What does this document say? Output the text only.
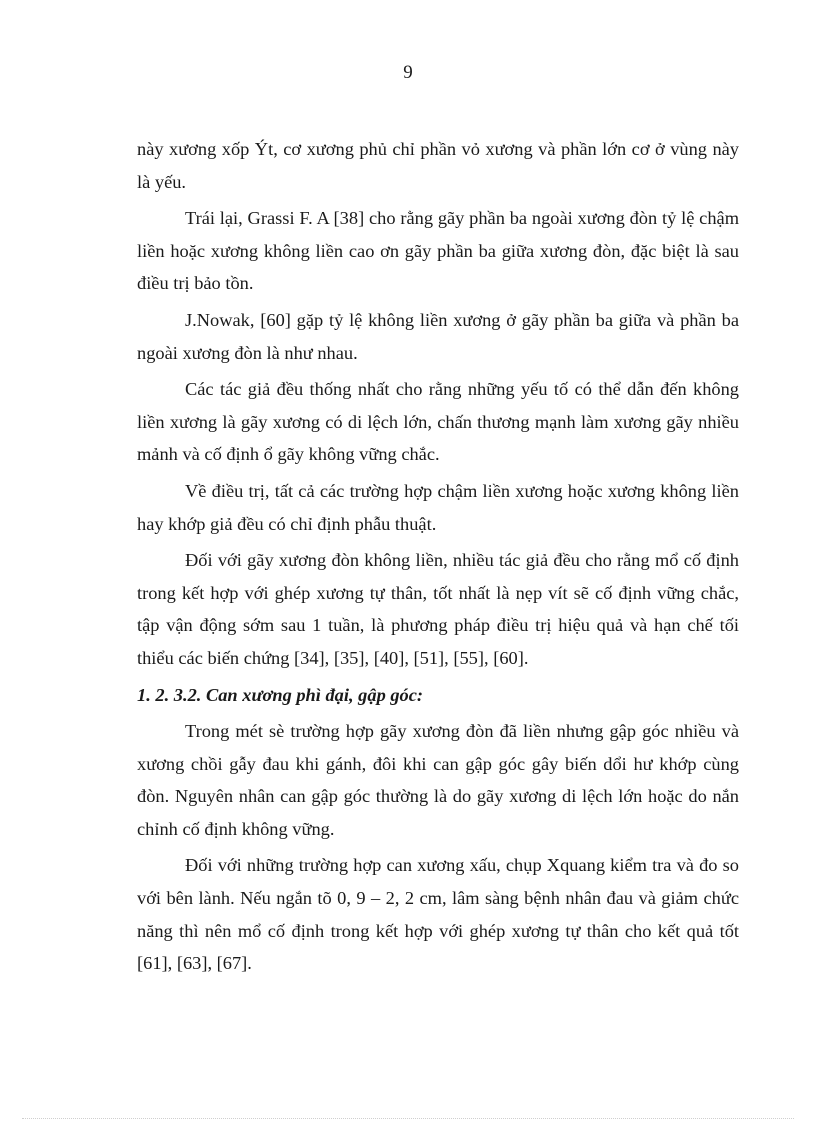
9

này xương xốp Ýt, cơ xương phủ chỉ phần vỏ xương và phần lớn cơ ở vùng này là yếu.

Trái lại, Grassi F. A [38] cho rằng gãy phần ba ngoài xương đòn tỷ lệ chậm liền hoặc xương không liền cao ơn gãy phần ba giữa xương đòn, đặc biệt là sau điều trị bảo tồn.

J.Nowak, [60] gặp tỷ lệ không liền xương ở gãy phần ba giữa và phần ba ngoài xương đòn là như nhau.

Các tác giả đều thống nhất cho rằng những yếu tố có thể dẫn đến không liền xương là gãy xương có di lệch lớn, chấn thương mạnh làm xương gãy nhiều mảnh và cố định ổ gãy không vững chắc.

Về điều trị, tất cả các trường hợp chậm liền xương hoặc xương không liền hay khớp giả đều có chỉ định phẫu thuật.

Đối với gãy xương đòn không liền, nhiều tác giả đều cho rằng mổ cố định trong kết hợp với ghép xương tự thân, tốt nhất là nẹp vít sẽ cố định vững chắc, tập vận động sớm sau 1 tuần, là phương pháp điều trị hiệu quả và hạn chế tối thiểu các biến chứng [34], [35], [40], [51], [55], [60].

1. 2. 3.2. Can xương phì đại, gập góc:

Trong mét sè trường hợp gãy xương đòn đã liền nhưng gập góc nhiều và xương chồi gẫy đau khi gánh, đôi khi can gập góc gây biến dổi hư khớp cùng đòn. Nguyên nhân can gập góc thường là do gãy xương di lệch lớn hoặc do nắn chỉnh cố định không vững.

Đối với những trường hợp can xương xấu, chụp Xquang kiểm tra và đo so với bên lành. Nếu ngắn tõ 0, 9 – 2, 2 cm, lâm sàng bệnh nhân đau và giảm chức năng thì nên mổ cố định trong kết hợp với ghép xương tự thân cho kết quả tốt [61], [63], [67].
